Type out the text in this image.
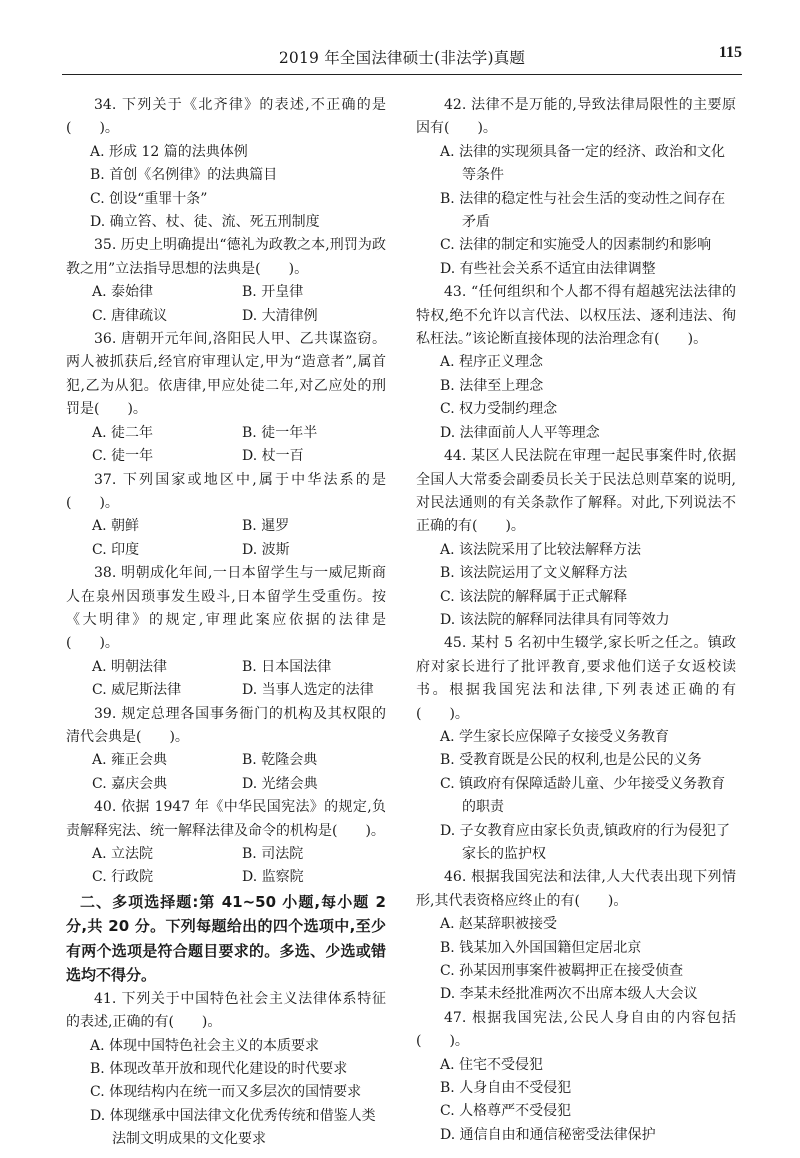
2019 年全国法律硕士(非法学)真题	115

34. 下列关于《北齐律》的表述,不正确的是(　　)。

A. 形成 12 篇的法典体例
B. 首创《名例律》的法典篇目
C. 创设“重罪十条”
D. 确立笞、杖、徒、流、死五刑制度

35. 历史上明确提出“德礼为政教之本,刑罚为政教之用”立法指导思想的法典是(　　)。

A. 泰始律	B. 开皇律
C. 唐律疏议	D. 大清律例

36. 唐朝开元年间,洛阳民人甲、乙共谋盗窃。两人被抓获后,经官府审理认定,甲为“造意者”,属首犯,乙为从犯。依唐律,甲应处徒二年,对乙应处的刑罚是(　　)。

A. 徒二年	B. 徒一年半
C. 徒一年	D. 杖一百

37. 下列国家或地区中,属于中华法系的是(　　)。

A. 朝鲜	B. 暹罗
C. 印度	D. 波斯

38. 明朝成化年间,一日本留学生与一威尼斯商人在泉州因琐事发生殴斗,日本留学生受重伤。按《大明律》的规定,审理此案应依据的法律是(　　)。

A. 明朝法律	B. 日本国法律
C. 威尼斯法律	D. 当事人选定的法律

39. 规定总理各国事务衙门的机构及其权限的清代会典是(　　)。

A. 雍正会典	B. 乾隆会典
C. 嘉庆会典	D. 光绪会典

40. 依据 1947 年《中华民国宪法》的规定,负责解释宪法、统一解释法律及命令的机构是(　　)。

A. 立法院	B. 司法院
C. 行政院	D. 监察院

二、多项选择题:第 41~50 小题,每小题 2 分,共 20 分。下列每题给出的四个选项中,至少有两个选项是符合题目要求的。多选、少选或错选均不得分。

41. 下列关于中国特色社会主义法律体系特征的表述,正确的有(　　)。

A. 体现中国特色社会主义的本质要求
B. 体现改革开放和现代化建设的时代要求
C. 体现结构内在统一而又多层次的国情要求
D. 体现继承中国法律文化优秀传统和借鉴人类法制文明成果的文化要求

42. 法律不是万能的,导致法律局限性的主要原因有(　　)。

A. 法律的实现须具备一定的经济、政治和文化等条件
B. 法律的稳定性与社会生活的变动性之间存在矛盾
C. 法律的制定和实施受人的因素制约和影响
D. 有些社会关系不适宜由法律调整

43. “任何组织和个人都不得有超越宪法法律的特权,绝不允许以言代法、以权压法、逐利违法、徇私枉法。”该论断直接体现的法治理念有(　　)。

A. 程序正义理念
B. 法律至上理念
C. 权力受制约理念
D. 法律面前人人平等理念

44. 某区人民法院在审理一起民事案件时,依据全国人大常委会副委员长关于民法总则草案的说明,对民法通则的有关条款作了解释。对此,下列说法不正确的有(　　)。

A. 该法院采用了比较法解释方法
B. 该法院运用了文义解释方法
C. 该法院的解释属于正式解释
D. 该法院的解释同法律具有同等效力

45. 某村 5 名初中生辍学,家长听之任之。镇政府对家长进行了批评教育,要求他们送子女返校读书。根据我国宪法和法律,下列表述正确的有(　　)。

A. 学生家长应保障子女接受义务教育
B. 受教育既是公民的权利,也是公民的义务
C. 镇政府有保障适龄儿童、少年接受义务教育的职责
D. 子女教育应由家长负责,镇政府的行为侵犯了家长的监护权

46. 根据我国宪法和法律,人大代表出现下列情形,其代表资格应终止的有(　　)。

A. 赵某辞职被接受
B. 钱某加入外国国籍但定居北京
C. 孙某因刑事案件被羁押正在接受侦查
D. 李某未经批准两次不出席本级人大会议

47. 根据我国宪法,公民人身自由的内容包括(　　)。

A. 住宅不受侵犯
B. 人身自由不受侵犯
C. 人格尊严不受侵犯
D. 通信自由和通信秘密受法律保护
